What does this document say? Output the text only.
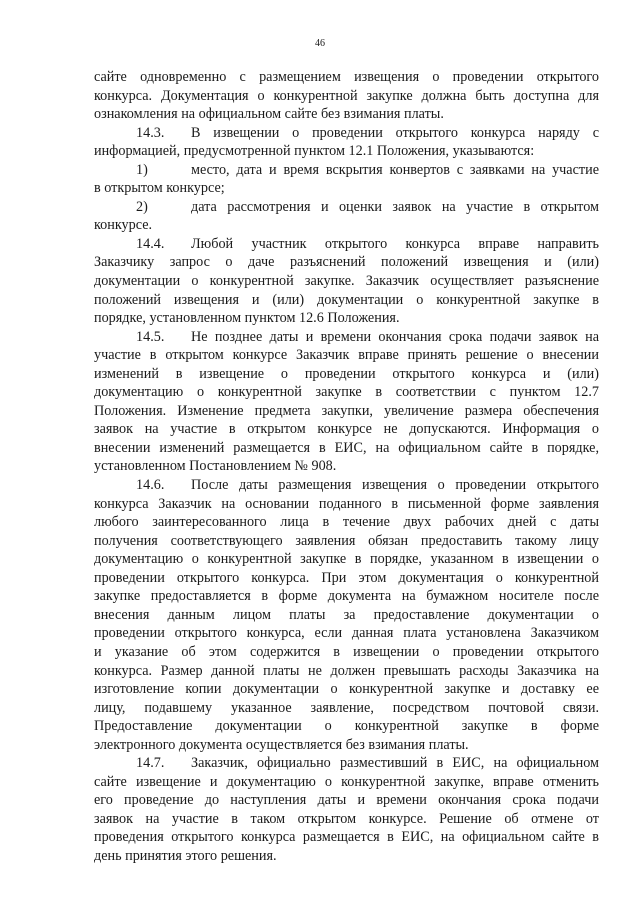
46
сайте одновременно с размещением извещения о проведении открытого
конкурса. Документация о конкурентной закупке должна быть доступна для
ознакомления на официальном сайте без взимания платы.
14.3. В извещении о проведении открытого конкурса наряду с
информацией, предусмотренной пунктом 12.1 Положения, указываются:
1)	место, дата и время вскрытия конвертов с заявками на участие
в открытом конкурсе;
2)	дата рассмотрения и оценки заявок на участие в открытом
конкурсе.
14.4. Любой участник открытого конкурса вправе направить
Заказчику запрос о даче разъяснений положений извещения и (или)
документации о конкурентной закупке. Заказчик осуществляет разъяснение
положений извещения и (или) документации о конкурентной закупке в
порядке, установленном пунктом 12.6 Положения.
14.5. Не позднее даты и времени окончания срока подачи заявок на
участие в открытом конкурсе Заказчик вправе принять решение о внесении
изменений в извещение о проведении открытого конкурса и (или)
документацию о конкурентной закупке в соответствии с пунктом 12.7
Положения. Изменение предмета закупки, увеличение размера обеспечения
заявок на участие в открытом конкурсе не допускаются. Информация о
внесении изменений размещается в ЕИС, на официальном сайте в порядке,
установленном Постановлением № 908.
14.6. После даты размещения извещения о проведении открытого
конкурса Заказчик на основании поданного в письменной форме заявления
любого заинтересованного лица в течение двух рабочих дней с даты
получения соответствующего заявления обязан предоставить такому лицу
документацию о конкурентной закупке в порядке, указанном в извещении о
проведении открытого конкурса. При этом документация о конкурентной
закупке предоставляется в форме документа на бумажном носителе после
внесения данным лицом платы за предоставление документации о
проведении открытого конкурса, если данная плата установлена Заказчиком
и указание об этом содержится в извещении о проведении открытого
конкурса. Размер данной платы не должен превышать расходы Заказчика на
изготовление копии документации о конкурентной закупке и доставку ее
лицу, подавшему указанное заявление, посредством почтовой связи.
Предоставление документации о конкурентной закупке в форме
электронного документа осуществляется без взимания платы.
14.7. Заказчик, официально разместивший в ЕИС, на официальном
сайте извещение и документацию о конкурентной закупке, вправе отменить
его проведение до наступления даты и времени окончания срока подачи
заявок на участие в таком открытом конкурсе. Решение об отмене от
проведения открытого конкурса размещается в ЕИС, на официальном сайте в
день принятия этого решения.
